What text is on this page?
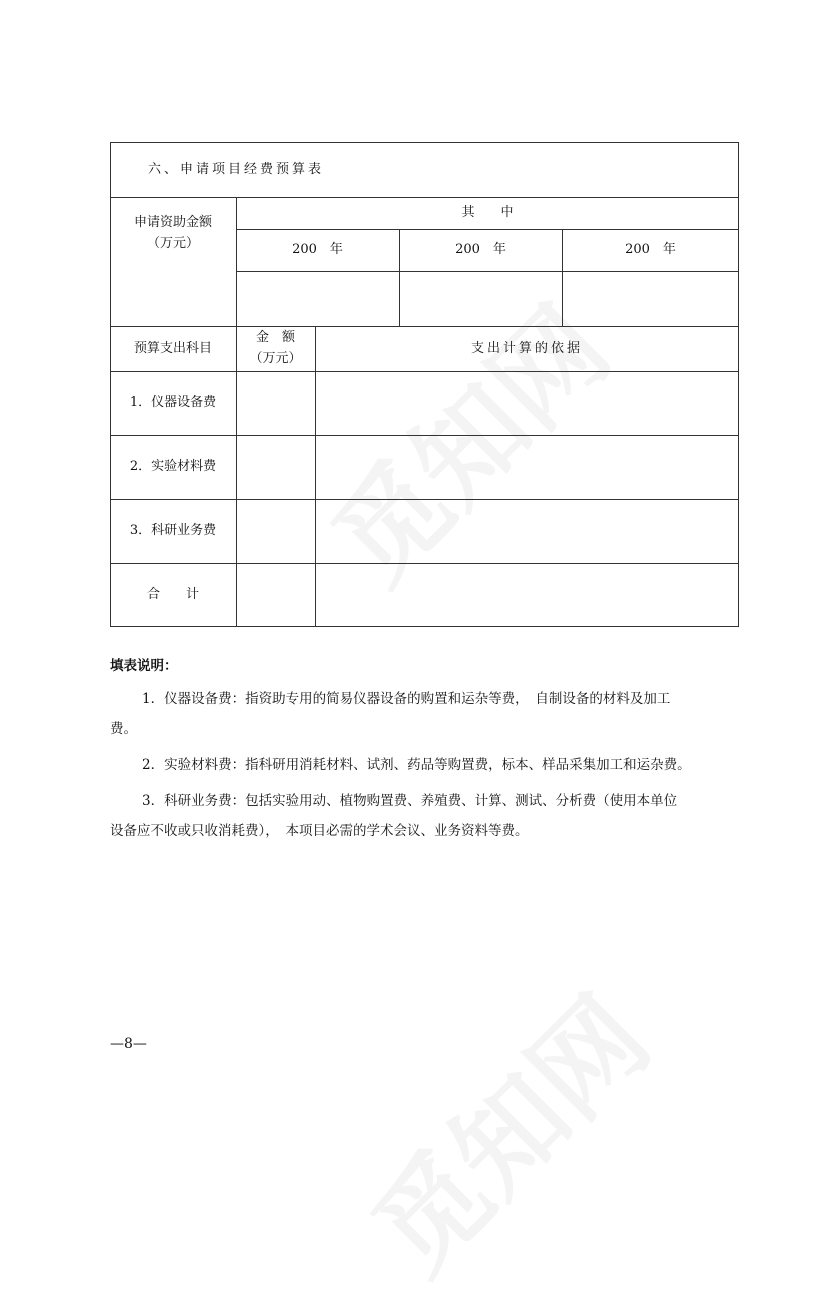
六、申请项目经费预算表
申请资助金额
（万元）
其　　中
200　年	200　年	200　年
预算支出科目
金　额
（万元）
支出计算的依据
1．仪器设备费
2．实验材料费
3．科研业务费
合　　计
填表说明：
1．仪器设备费：指资助专用的简易仪器设备的购置和运杂等费，　自制设备的材料及加工
费。
2．实验材料费：指科研用消耗材料、试剂、药品等购置费，标本、样品采集加工和运杂费。
3．科研业务费：包括实验用动、植物购置费、养殖费、计算、测试、分析费（使用本单位
设备应不收或只收消耗费），　本项目必需的学术会议、业务资料等费。
—8—
